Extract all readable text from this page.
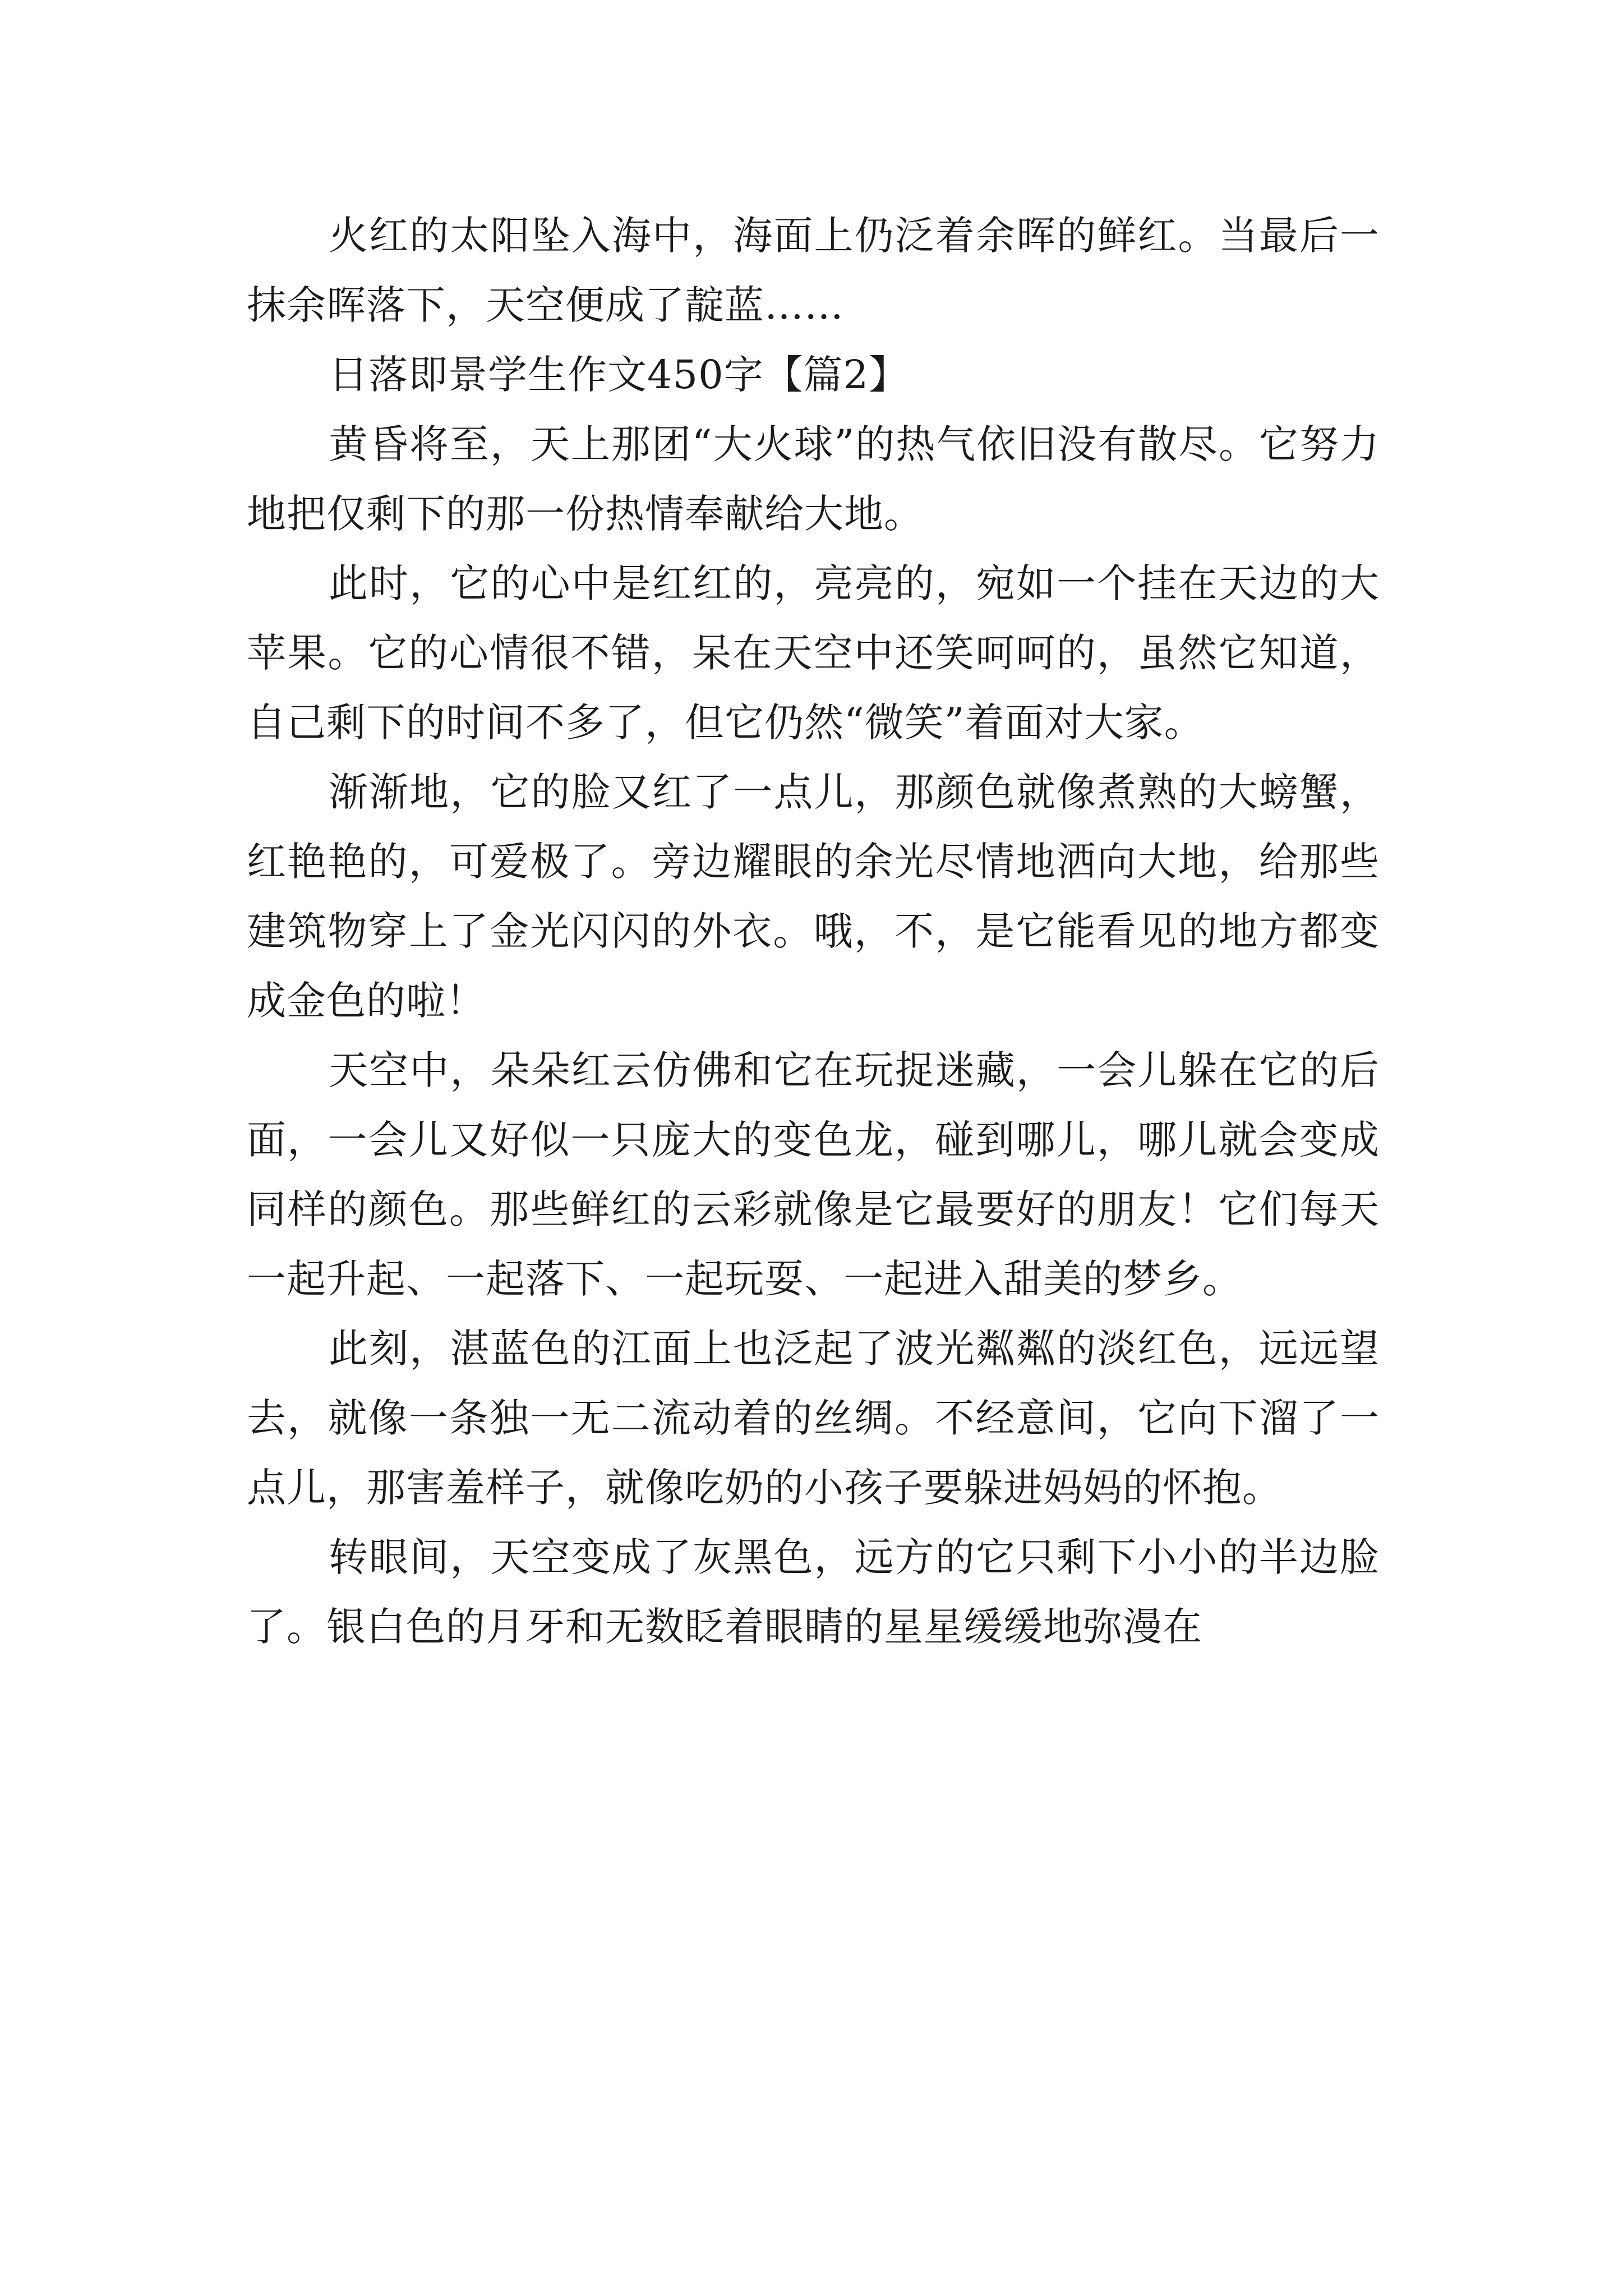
火红的太阳坠入海中，海面上仍泛着余晖的鲜红。当最后一抹余晖落下，天空便成了靛蓝……

日落即景学生作文450字【篇2】

黄昏将至，天上那团“大火球”的热气依旧没有散尽。它努力地把仅剩下的那一份热情奉献给大地。

此时，它的心中是红红的，亮亮的，宛如一个挂在天边的大苹果。它的心情很不错，呆在天空中还笑呵呵的，虽然它知道，自己剩下的时间不多了，但它仍然“微笑”着面对大家。

渐渐地，它的脸又红了一点儿，那颜色就像煮熟的大螃蟹，红艳艳的，可爱极了。旁边耀眼的余光尽情地洒向大地，给那些建筑物穿上了金光闪闪的外衣。哦，不，是它能看见的地方都变成金色的啦！

天空中，朵朵红云仿佛和它在玩捉迷藏，一会儿躲在它的后面，一会儿又好似一只庞大的变色龙，碰到哪儿，哪儿就会变成同样的颜色。那些鲜红的云彩就像是它最要好的朋友！它们每天一起升起、一起落下、一起玩耍、一起进入甜美的梦乡。

此刻，湛蓝色的江面上也泛起了波光粼粼的淡红色，远远望去，就像一条独一无二流动着的丝绸。不经意间，它向下溜了一点儿，那害羞样子，就像吃奶的小孩子要躲进妈妈的怀抱。

转眼间，天空变成了灰黑色，远方的它只剩下小小的半边脸了。银白色的月牙和无数眨着眼睛的星星缓缓地弥漫在
